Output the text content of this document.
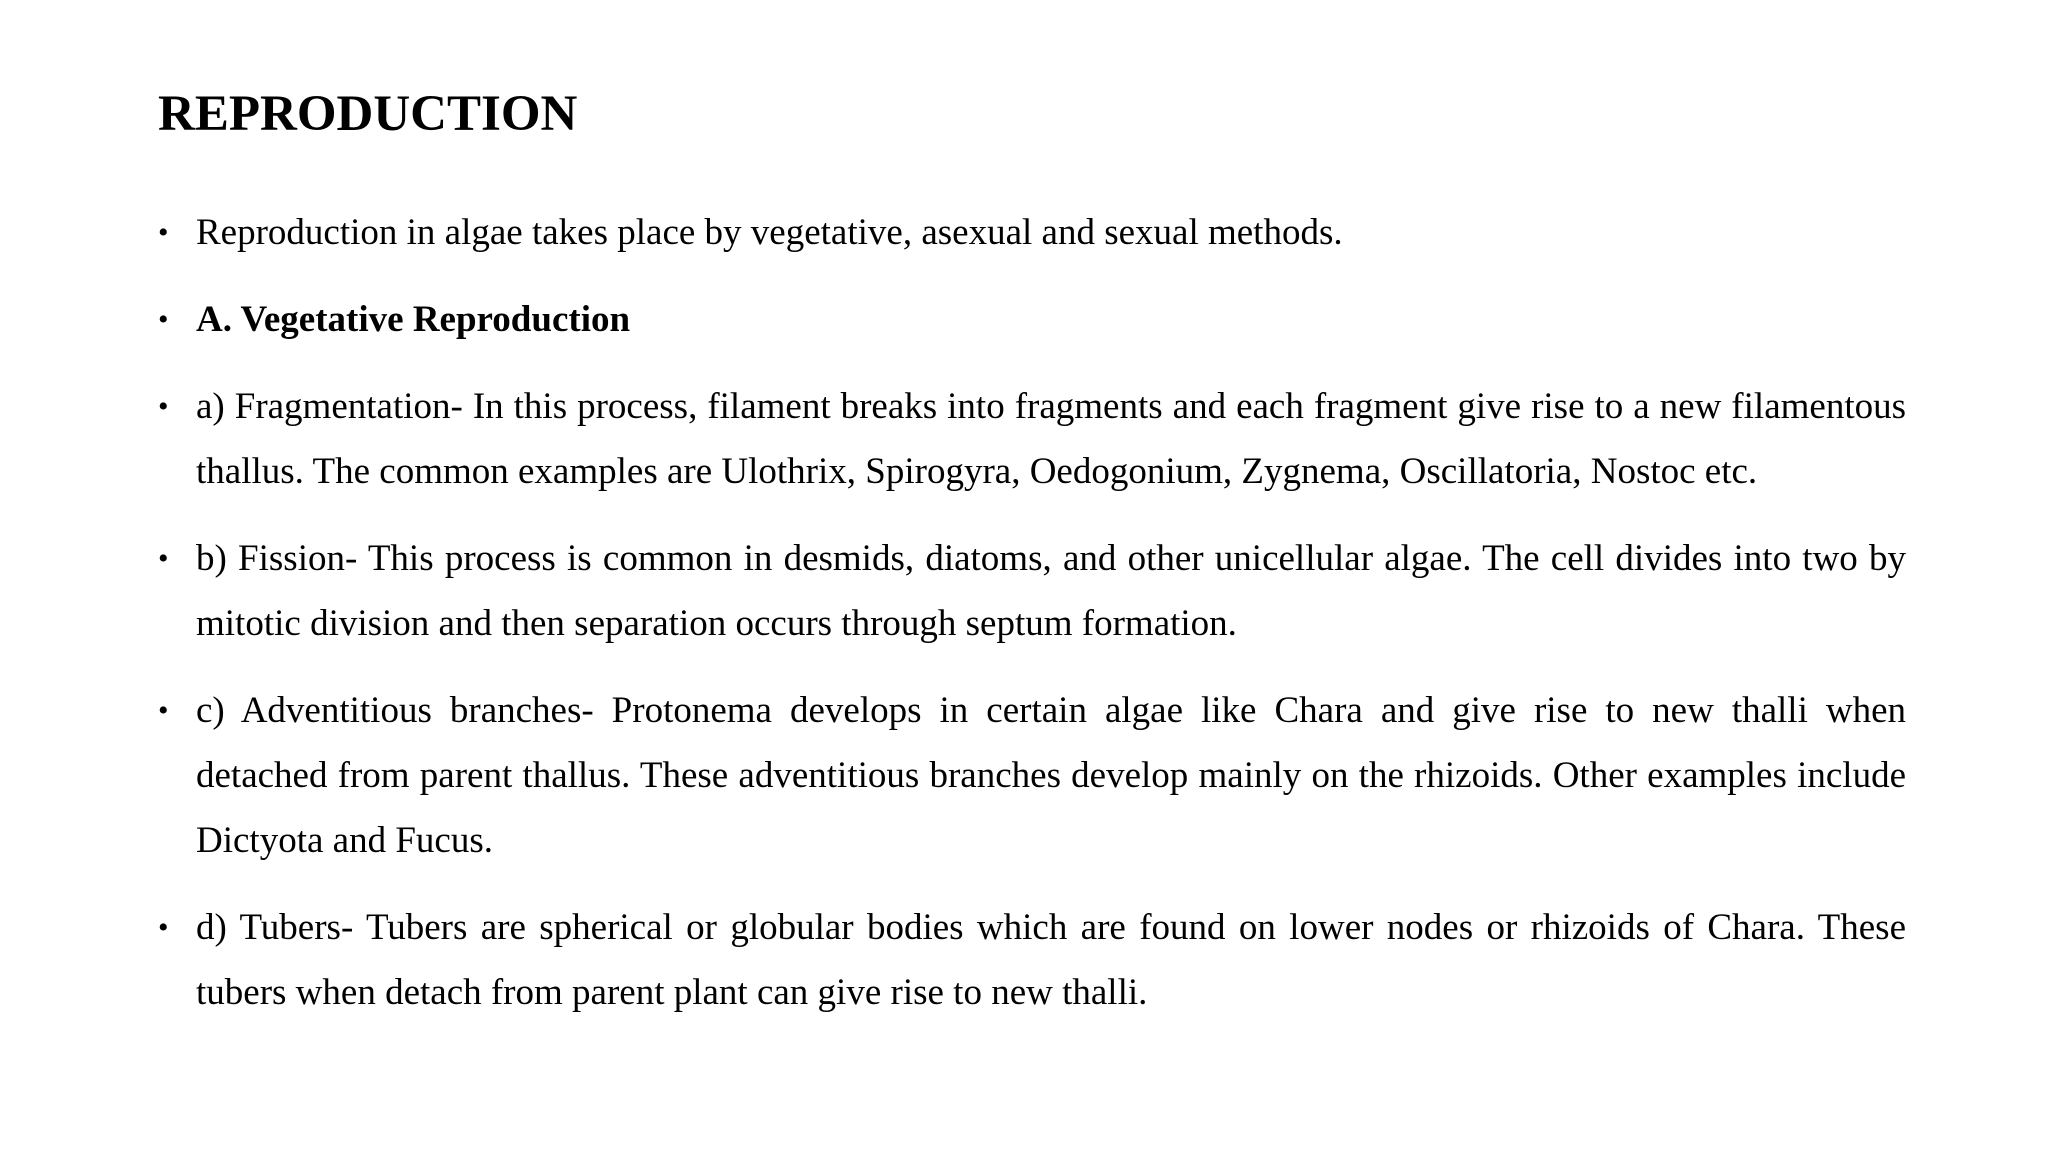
REPRODUCTION
• Reproduction in algae takes place by vegetative, asexual and sexual methods.
• A. Vegetative Reproduction
• a) Fragmentation- In this process, filament breaks into fragments and each fragment give rise to a new filamentous thallus. The common examples are Ulothrix, Spirogyra, Oedogonium, Zygnema, Oscillatoria, Nostoc etc.
• b) Fission- This process is common in desmids, diatoms, and other unicellular algae. The cell divides into two by mitotic division and then separation occurs through septum formation.
• c) Adventitious branches- Protonema develops in certain algae like Chara and give rise to new thalli when detached from parent thallus. These adventitious branches develop mainly on the rhizoids. Other examples include Dictyota and Fucus.
• d) Tubers- Tubers are spherical or globular bodies which are found on lower nodes or rhizoids of Chara. These tubers when detach from parent plant can give rise to new thalli.
